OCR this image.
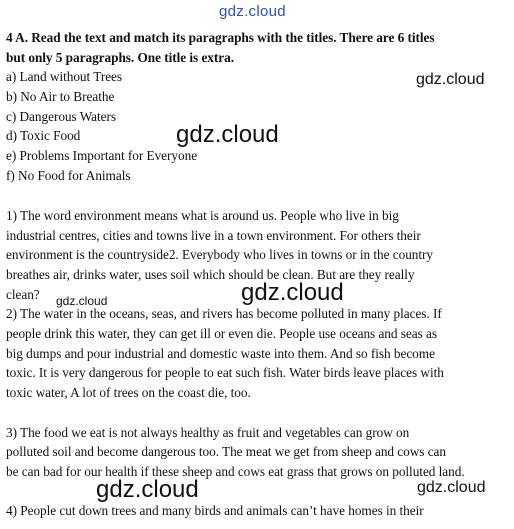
gdz.cloud
4 A. Read the text and match its paragraphs with the titles. There are 6 titles
but only 5 paragraphs. One title is extra.
a) Land without Trees
b) No Air to Breathe
c) Dangerous Waters
d) Toxic Food
e) Problems Important for Everyone
f) No Food for Animals
gdz.cloud
gdz.cloud
1) The word environment means what is around us. People who live in big
industrial centres, cities and towns live in a town environment. For others their
environment is the countryside2. Everybody who lives in towns or in the country
breathes air, drinks water, uses soil which should be clean. But are they really
clean? gdz.cloud	gdz.cloud
2) The water in the oceans, seas, and rivers has become polluted in many places. If
people drink this water, they can get ill or even die. People use oceans and seas as
big dumps and pour industrial and domestic waste into them. And so fish become
toxic. It is very dangerous for people to eat such fish. Water birds leave places with
toxic water, A lot of trees on the coast die, too.
3) The food we eat is not always healthy as fruit and vegetables can grow on
polluted soil and become dangerous too. The meat we get from sheep and cows can
be can bad for our health if these sheep and cows eat grass that grows on polluted land.
gdz.cloud	gdz.cloud
4) People cut down trees and many birds and animals can’t have homes in their
